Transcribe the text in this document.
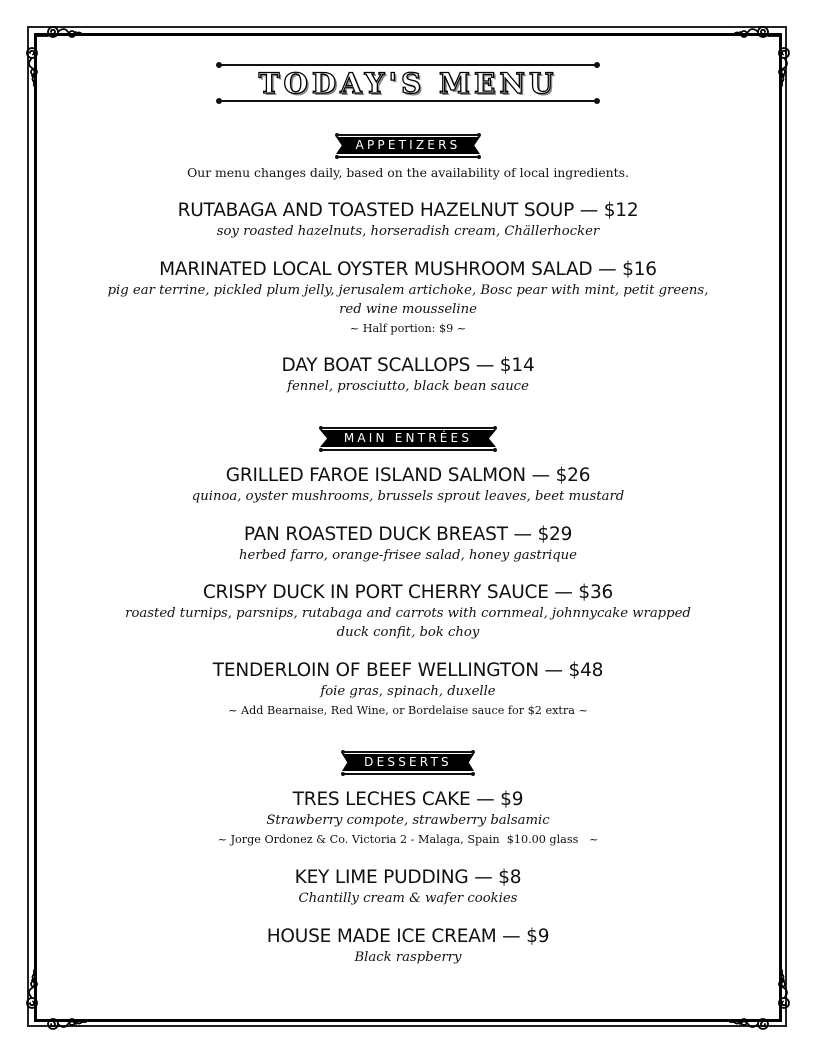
TODAY'S MENU
APPETIZERS
Our menu changes daily, based on the availability of local ingredients.
RUTABAGA AND TOASTED HAZELNUT SOUP — $12
soy roasted hazelnuts, horseradish cream, Chällerhocker
MARINATED LOCAL OYSTER MUSHROOM SALAD — $16
pig ear terrine, pickled plum jelly, jerusalem artichoke, Bosc pear with mint, petit greens,
red wine mousseline
~ Half portion: $9 ~
DAY BOAT SCALLOPS — $14
fennel, prosciutto, black bean sauce
MAIN ENTRÉES
GRILLED FAROE ISLAND SALMON — $26
quinoa, oyster mushrooms, brussels sprout leaves, beet mustard
PAN ROASTED DUCK BREAST — $29
herbed farro, orange-frisee salad, honey gastrique
CRISPY DUCK IN PORT CHERRY SAUCE — $36
roasted turnips, parsnips, rutabaga and carrots with cornmeal, johnnycake wrapped
duck confit, bok choy
TENDERLOIN OF BEEF WELLINGTON — $48
foie gras, spinach, duxelle
~ Add Bearnaise, Red Wine, or Bordelaise sauce for $2 extra ~
DESSERTS
TRES LECHES CAKE — $9
Strawberry compote, strawberry balsamic
~ Jorge Ordonez & Co. Victoria 2 - Malaga, Spain  $10.00 glass   ~
KEY LIME PUDDING — $8
Chantilly cream & wafer cookies
HOUSE MADE ICE CREAM — $9
Black raspberry
